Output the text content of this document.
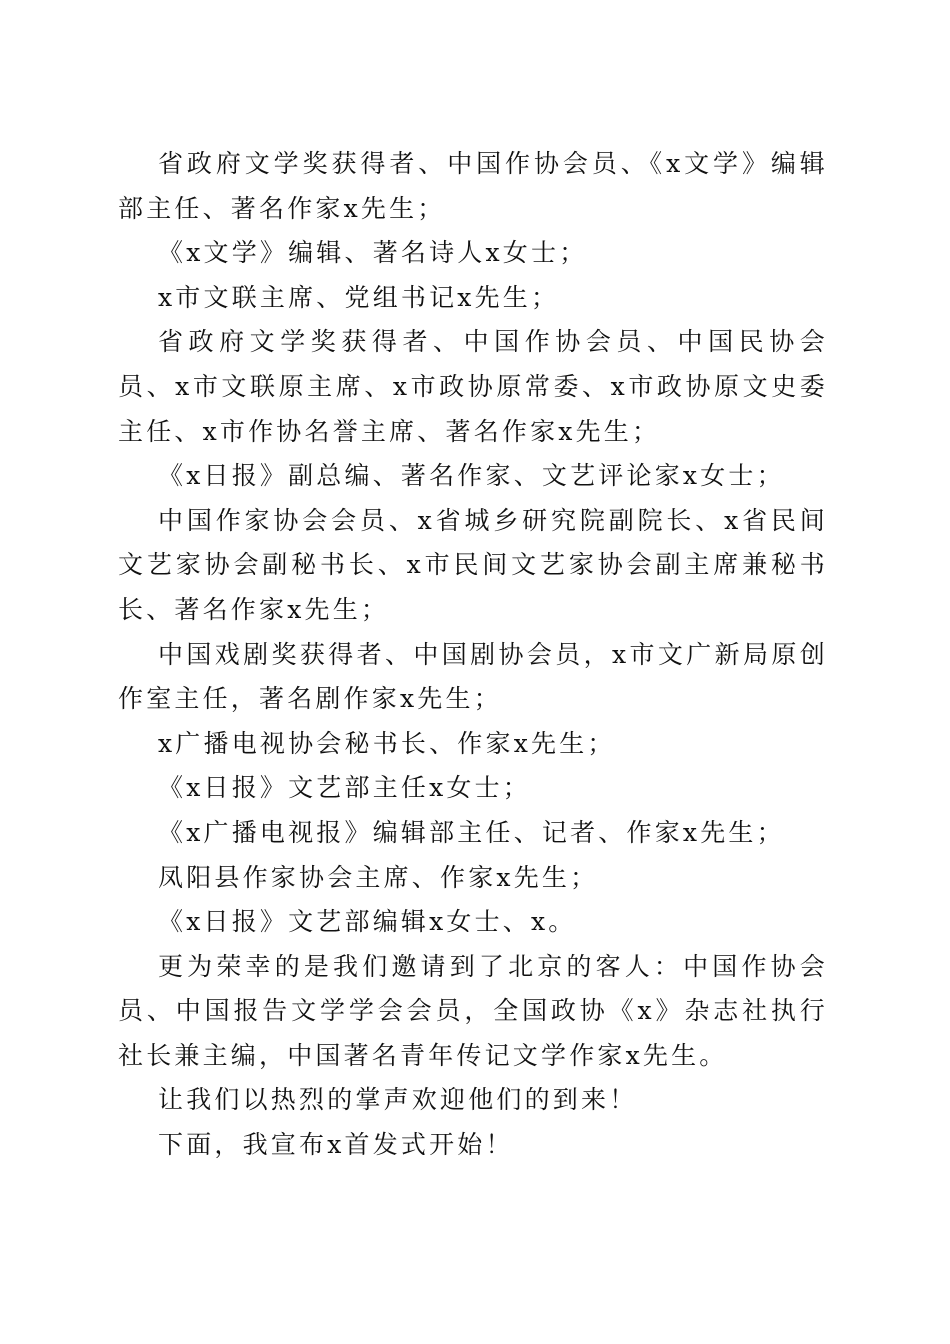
省政府文学奖获得者、中国作协会员、《x文学》编辑部主任、著名作家x先生；

《x文学》编辑、著名诗人x女士；

x市文联主席、党组书记x先生；

省政府文学奖获得者、中国作协会员、中国民协会员、x市文联原主席、x市政协原常委、x市政协原文史委主任、x市作协名誉主席、著名作家x先生；

《x日报》副总编、著名作家、文艺评论家x女士；

中国作家协会会员、x省城乡研究院副院长、x省民间文艺家协会副秘书长、x市民间文艺家协会副主席兼秘书长、著名作家x先生；

中国戏剧奖获得者、中国剧协会员，x市文广新局原创作室主任，著名剧作家x先生；

x广播电视协会秘书长、作家x先生；

《x日报》文艺部主任x女士；

《x广播电视报》编辑部主任、记者、作家x先生；

凤阳县作家协会主席、作家x先生；

《x日报》文艺部编辑x女士、x。

更为荣幸的是我们邀请到了北京的客人：中国作协会员、中国报告文学学会会员，全国政协《x》杂志社执行社长兼主编，中国著名青年传记文学作家x先生。

让我们以热烈的掌声欢迎他们的到来！

下面，我宣布x首发式开始！
